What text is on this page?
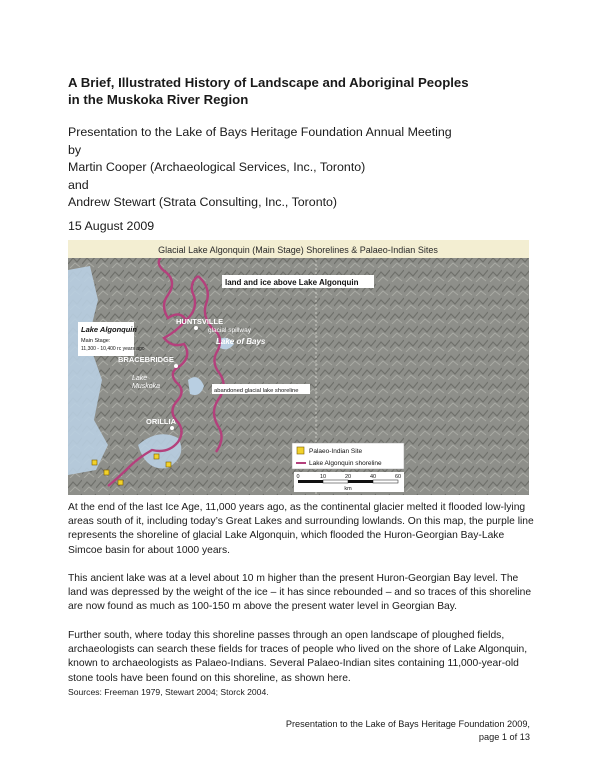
A Brief, Illustrated History of Landscape and Aboriginal Peoples
in the Muskoka River Region
Presentation to the Lake of Bays Heritage Foundation Annual Meeting
by
Martin Cooper (Archaeological Services, Inc., Toronto)
and
Andrew Stewart (Strata Consulting, Inc., Toronto)
15 August 2009
Glacial Lake Algonquin (Main Stage) Shorelines & Palaeo-Indian Sites
land and ice above Lake Algonquin
HUNTSVILLE
glacial spillway
Lake Algonquin
Main Stage:
11,300 - 10,400 rc years ago
Lake of Bays
BRACEBRIDGE
Lake
Muskoka
abandoned glacial lake shoreline
ORILLIA
Palaeo-Indian Site
Lake Algonquin shoreline
0	10	20	40	60
km
At the end of the last Ice Age, 11,000 years ago, as the continental glacier melted it flooded low-lying areas south of it, including today’s Great Lakes and surrounding lowlands. On this map, the purple line represents the shoreline of glacial Lake Algonquin, which flooded the Huron-Georgian Bay-Lake Simcoe basin for about 1000 years.
This ancient lake was at a level about 10 m higher than the present Huron-Georgian Bay level. The land was depressed by the weight of the ice – it has since rebounded – and so traces of this shoreline are now found as much as 100-150 m above the present water level in Georgian Bay.
Further south, where today this shoreline passes through an open landscape of ploughed fields, archaeologists can search these fields for traces of people who lived on the shore of Lake Algonquin, known to archaeologists as Palaeo-Indians. Several Palaeo-Indian sites containing 11,000-year-old stone tools have been found on this shoreline, as shown here.
Sources: Freeman 1979, Stewart 2004; Storck 2004.
Presentation to the Lake of Bays Heritage Foundation 2009,
page 1 of 13
